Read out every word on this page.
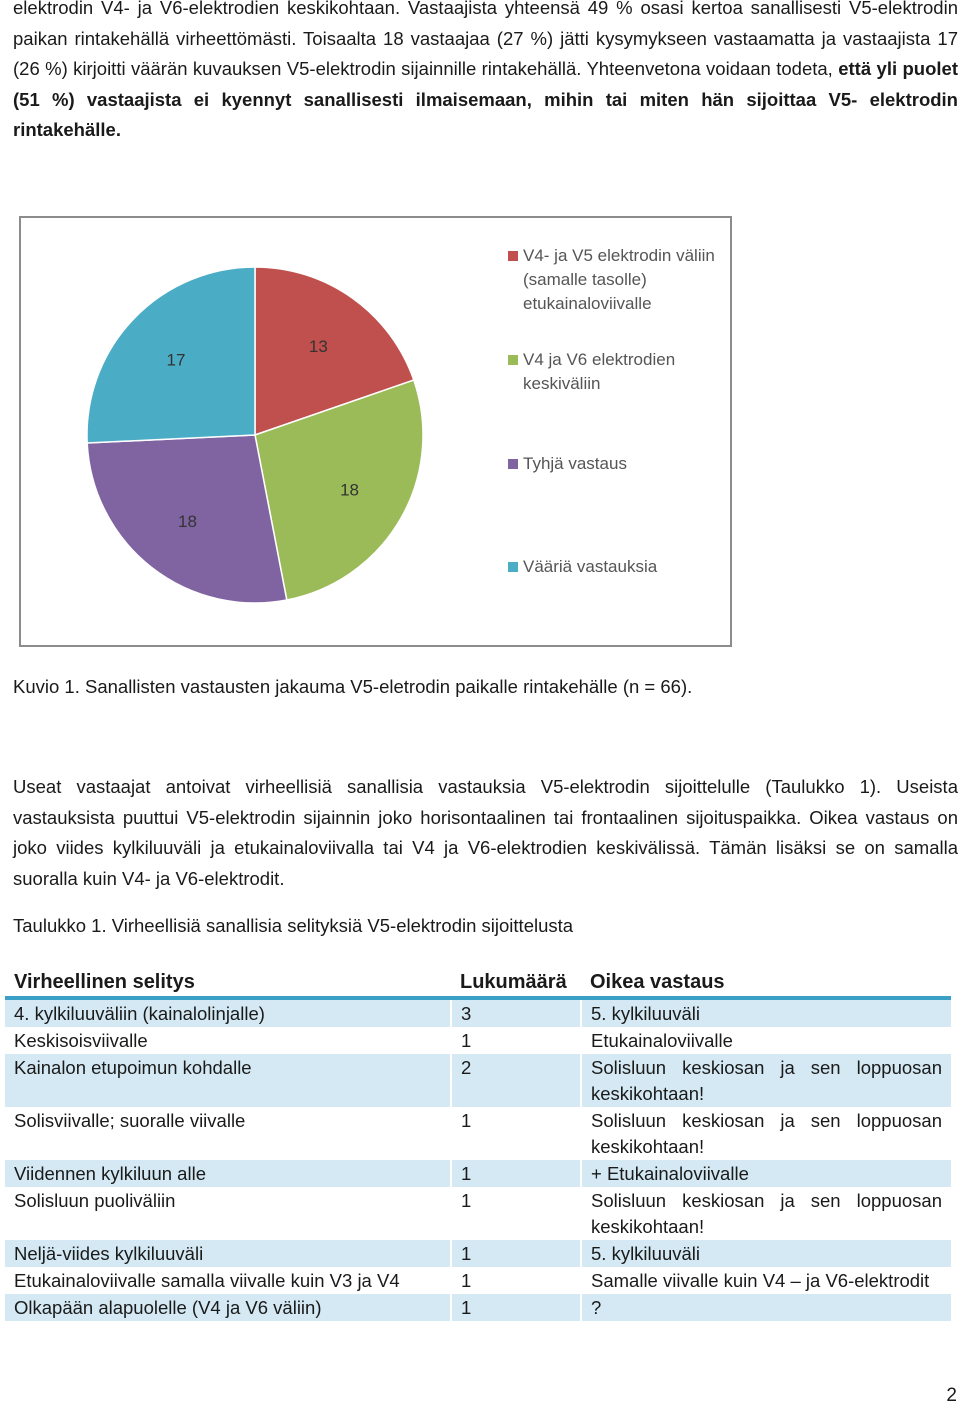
elektrodin V4- ja V6-elektrodien keskikohtaan. Vastaajista yhteensä 49 % osasi kertoa sanallisesti V5-elektrodin paikan rintakehällä virheettömästi. Toisaalta 18 vastaajaa (27 %) jätti kysymykseen vastaamatta ja vastaajista 17 (26 %) kirjoitti väärän kuvauksen V5-elektrodin sijainnille rintakehällä. Yhteenvetona voidaan todeta, että yli puolet (51 %) vastaajista ei kyennyt sanallisesti ilmaisemaan, mihin tai miten hän sijoittaa V5- elektrodin rintakehälle.

13
18
18
17
V4- ja V5 elektrodin väliin (samalle tasolle) etukainaloviivalle
V4 ja V6 elektrodien keskiväliin
Tyhjä vastaus
Vääriä vastauksia

Kuvio 1. Sanallisten vastausten jakauma V5-eletrodin paikalle rintakehälle (n = 66).

Useat vastaajat antoivat virheellisiä sanallisia vastauksia V5-elektrodin sijoittelulle (Taulukko 1). Useista vastauksista puuttui V5-elektrodin sijainnin joko horisontaalinen tai frontaalinen sijoituspaikka. Oikea vastaus on joko viides kylkiluuväli ja etukainaloviivalla tai V4 ja V6-elektrodien keskivälissä. Tämän lisäksi se on samalla suoralla kuin V4- ja V6-elektrodit.

Taulukko 1. Virheellisiä sanallisia selityksiä V5-elektrodin sijoittelusta

Virheellinen selitys	Lukumäärä	Oikea vastaus
4. kylkiluuväliin (kainalolinjalle)	3	5. kylkiluuväli
Keskisoisviivalle	1	Etukainaloviivalle
Kainalon etupoimun kohdalle	2	Solisluun keskiosan ja sen loppuosan keskikohtaan!
Solisviivalle; suoralle viivalle	1	Solisluun keskiosan ja sen loppuosan keskikohtaan!
Viidennen kylkiluun alle	1	+ Etukainaloviivalle
Solisluun puoliväliin	1	Solisluun keskiosan ja sen loppuosan keskikohtaan!
Neljä-viides kylkiluuväli	1	5. kylkiluuväli
Etukainaloviivalle samalla viivalle kuin V3 ja V4	1	Samalle viivalle kuin V4 – ja V6-elektrodit
Olkapään alapuolelle (V4 ja V6 väliin)	1	?
2
